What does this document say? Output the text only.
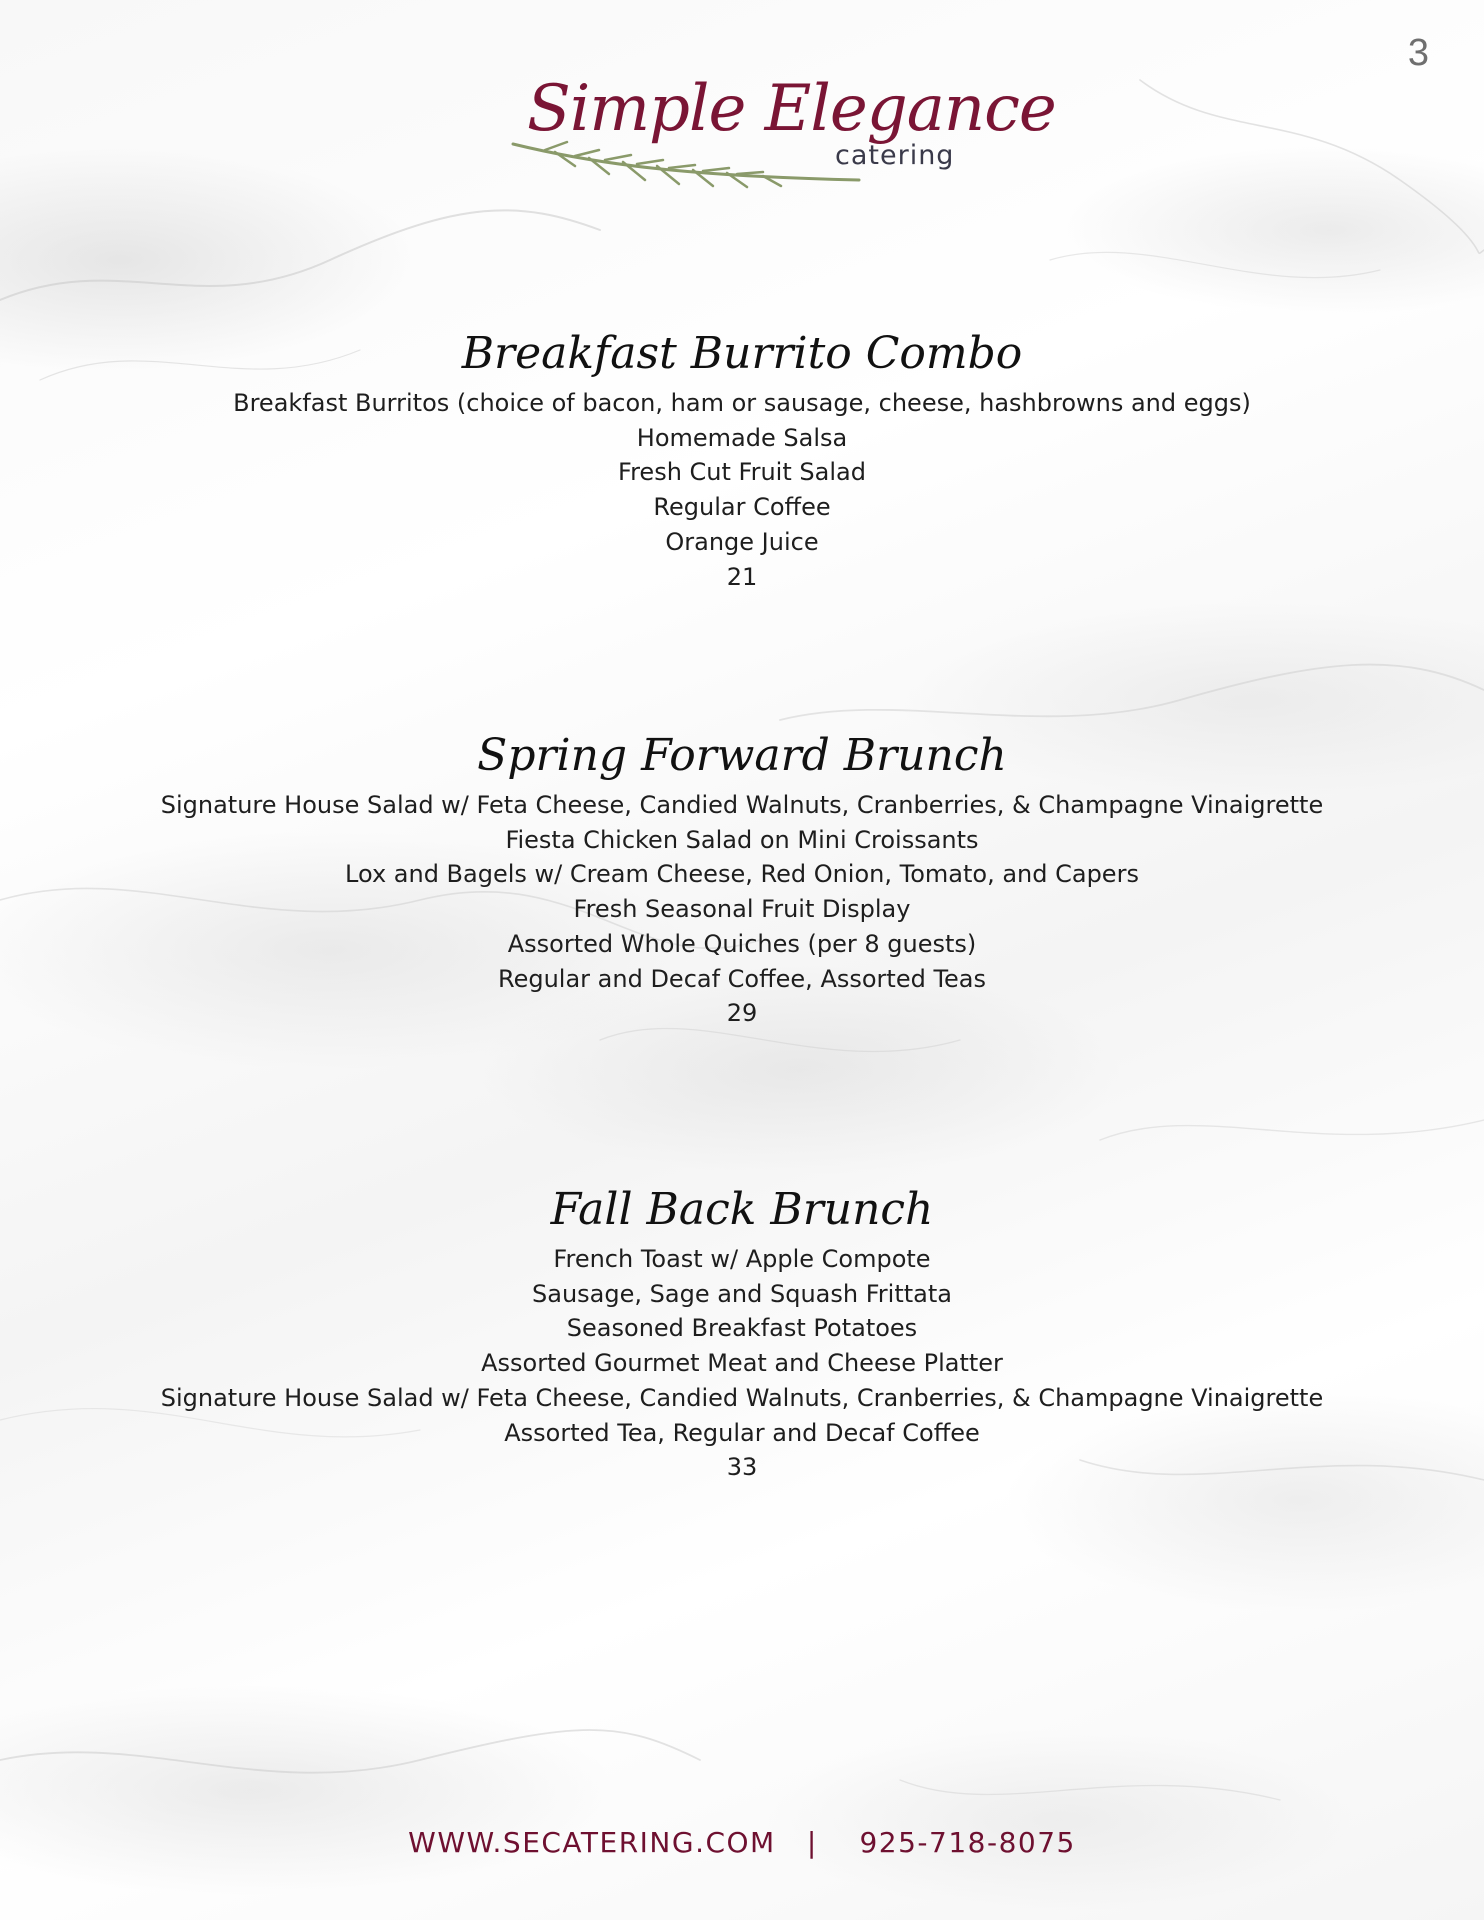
3
Simple Elegance
catering
Breakfast Burrito Combo
Breakfast Burritos (choice of bacon, ham or sausage, cheese, hashbrowns and eggs)
Homemade Salsa
Fresh Cut Fruit Salad
Regular Coffee
Orange Juice
21
Spring Forward Brunch
Signature House Salad w/ Feta Cheese, Candied Walnuts, Cranberries, & Champagne Vinaigrette
Fiesta Chicken Salad on Mini Croissants
Lox and Bagels w/ Cream Cheese, Red Onion, Tomato, and Capers
Fresh Seasonal Fruit Display
Assorted Whole Quiches (per 8 guests)
Regular and Decaf Coffee, Assorted Teas
29
Fall Back Brunch
French Toast w/ Apple Compote
Sausage, Sage and Squash Frittata
Seasoned Breakfast Potatoes
Assorted Gourmet Meat and Cheese Platter
Signature House Salad w/ Feta Cheese, Candied Walnuts, Cranberries, & Champagne Vinaigrette
Assorted Tea, Regular and Decaf Coffee
33
WWW.SECATERING.COM | 925-718-8075
